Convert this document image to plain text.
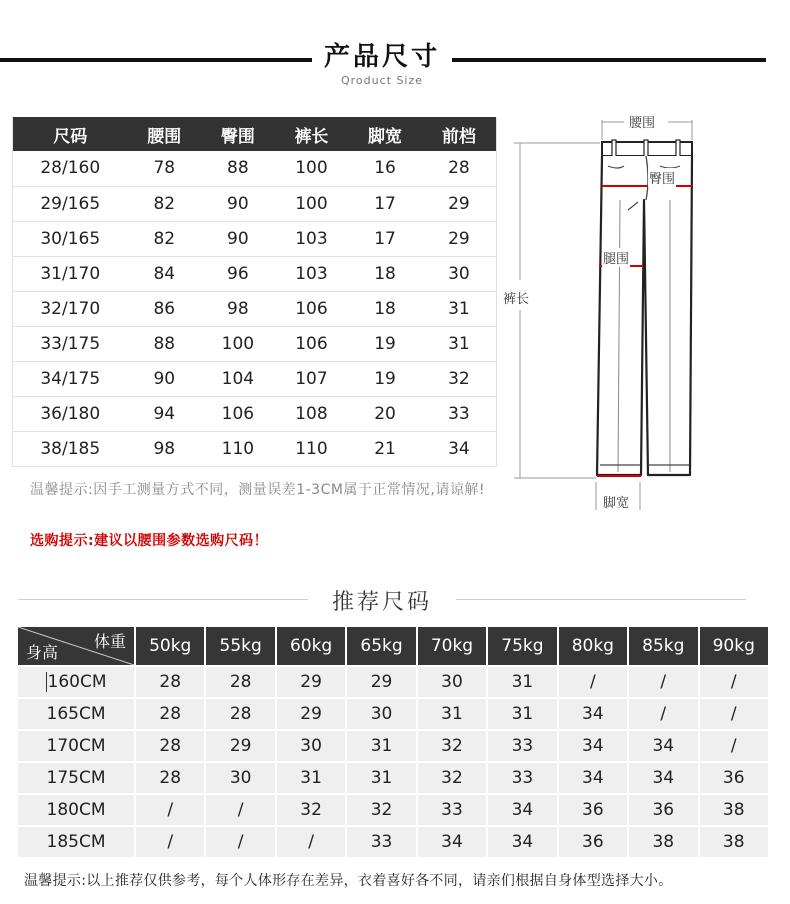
产品尺寸
Qroduct Size
尺码	腰围	臀围	裤长	脚宽	前档
28/160	78	88	100	16	28
29/165	82	90	100	17	29
30/165	82	90	103	17	29
31/170	84	96	103	18	30
32/170	86	98	106	18	31
33/175	88	100	106	19	31
34/175	90	104	107	19	32
36/180	94	106	108	20	33
38/185	98	110	110	21	34
温馨提示:因手工测量方式不同，测量误差1-3CM属于正常情况,请谅解!
选购提示:建议以腰围参数选购尺码！
腰围
臀围
腿围
裤长
脚宽
推荐尺码
体重
身高	50kg	55kg	60kg	65kg	70kg	75kg	80kg	85kg	90kg
160CM	28	28	29	29	30	31	/	/	/
165CM	28	28	29	30	31	31	34	/	/
170CM	28	29	30	31	32	33	34	34	/
175CM	28	30	31	31	32	33	34	34	36
180CM	/	/	32	32	33	34	36	36	38
185CM	/	/	/	33	34	34	36	38	38
温馨提示:以上推荐仅供参考，每个人体形存在差异，衣着喜好各不同，请亲们根据自身体型选择大小。
